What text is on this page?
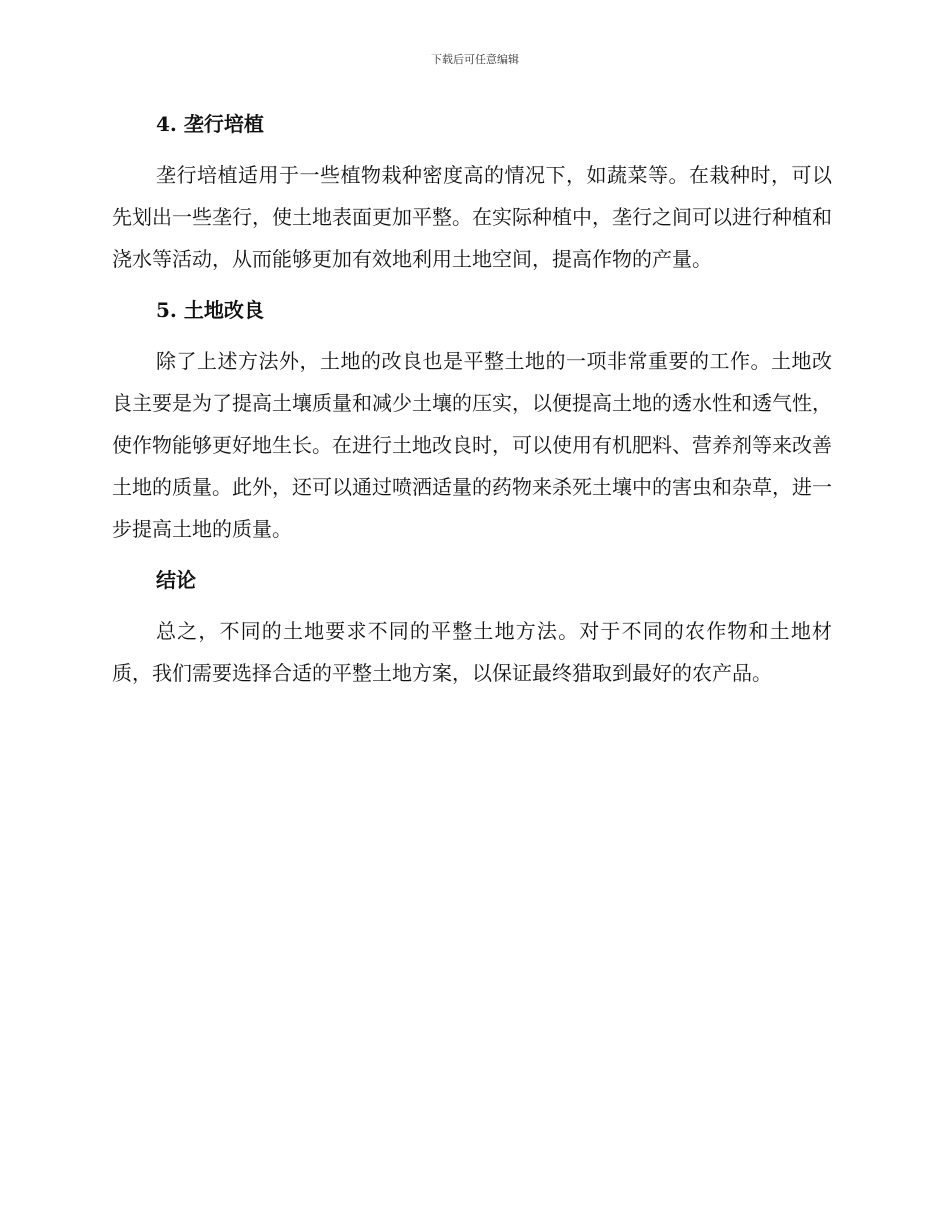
下载后可任意编辑
4. 垄行培植

垄行培植适用于一些植物栽种密度高的情况下，如蔬菜等。在栽种时，可以先划出一些垄行，使土地表面更加平整。在实际种植中，垄行之间可以进行种植和浇水等活动，从而能够更加有效地利用土地空间，提高作物的产量。

5. 土地改良

除了上述方法外，土地的改良也是平整土地的一项非常重要的工作。土地改良主要是为了提高土壤质量和减少土壤的压实，以便提高土地的透水性和透气性，使作物能够更好地生长。在进行土地改良时，可以使用有机肥料、营养剂等来改善土地的质量。此外，还可以通过喷洒适量的药物来杀死土壤中的害虫和杂草，进一步提高土地的质量。

结论

总之，不同的土地要求不同的平整土地方法。对于不同的农作物和土地材质，我们需要选择合适的平整土地方案，以保证最终猎取到最好的农产品。
